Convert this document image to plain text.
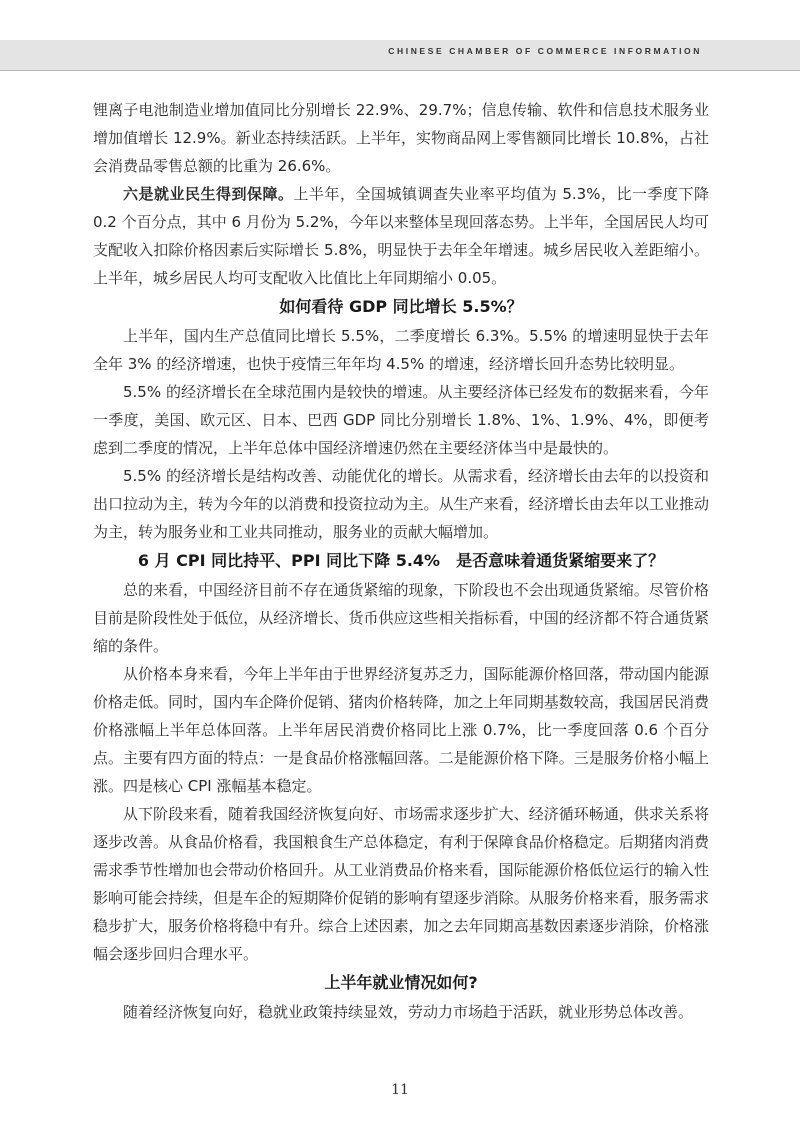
CHINESE CHAMBER OF COMMERCE INFORMATION

锂离子电池制造业增加值同比分别增长 22.9%、29.7%；信息传输、软件和信息技术服务业增加值增长 12.9%。新业态持续活跃。上半年，实物商品网上零售额同比增长 10.8%，占社会消费品零售总额的比重为 26.6%。

六是就业民生得到保障。上半年，全国城镇调查失业率平均值为 5.3%，比一季度下降 0.2 个百分点，其中 6 月份为 5.2%，今年以来整体呈现回落态势。上半年，全国居民人均可支配收入扣除价格因素后实际增长 5.8%，明显快于去年全年增速。城乡居民收入差距缩小。上半年，城乡居民人均可支配收入比值比上年同期缩小 0.05。

如何看待 GDP 同比增长 5.5%？

上半年，国内生产总值同比增长 5.5%，二季度增长 6.3%。5.5% 的增速明显快于去年全年 3% 的经济增速，也快于疫情三年年均 4.5% 的增速，经济增长回升态势比较明显。

5.5% 的经济增长在全球范围内是较快的增速。从主要经济体已经发布的数据来看，今年一季度，美国、欧元区、日本、巴西 GDP 同比分别增长 1.8%、1%、1.9%、4%，即便考虑到二季度的情况，上半年总体中国经济增速仍然在主要经济体当中是最快的。

5.5% 的经济增长是结构改善、动能优化的增长。从需求看，经济增长由去年的以投资和出口拉动为主，转为今年的以消费和投资拉动为主。从生产来看，经济增长由去年以工业推动为主，转为服务业和工业共同推动，服务业的贡献大幅增加。

6 月 CPI 同比持平、PPI 同比下降 5.4%　是否意味着通货紧缩要来了？

总的来看，中国经济目前不存在通货紧缩的现象，下阶段也不会出现通货紧缩。尽管价格目前是阶段性处于低位，从经济增长、货币供应这些相关指标看，中国的经济都不符合通货紧缩的条件。

从价格本身来看，今年上半年由于世界经济复苏乏力，国际能源价格回落，带动国内能源价格走低。同时，国内车企降价促销、猪肉价格转降，加之上年同期基数较高，我国居民消费价格涨幅上半年总体回落。上半年居民消费价格同比上涨 0.7%，比一季度回落 0.6 个百分点。主要有四方面的特点：一是食品价格涨幅回落。二是能源价格下降。三是服务价格小幅上涨。四是核心 CPI 涨幅基本稳定。

从下阶段来看，随着我国经济恢复向好、市场需求逐步扩大、经济循环畅通，供求关系将逐步改善。从食品价格看，我国粮食生产总体稳定，有利于保障食品价格稳定。后期猪肉消费需求季节性增加也会带动价格回升。从工业消费品价格来看，国际能源价格低位运行的输入性影响可能会持续，但是车企的短期降价促销的影响有望逐步消除。从服务价格来看，服务需求稳步扩大，服务价格将稳中有升。综合上述因素，加之去年同期高基数因素逐步消除，价格涨幅会逐步回归合理水平。

上半年就业情况如何?

随着经济恢复向好，稳就业政策持续显效，劳动力市场趋于活跃，就业形势总体改善。

11
